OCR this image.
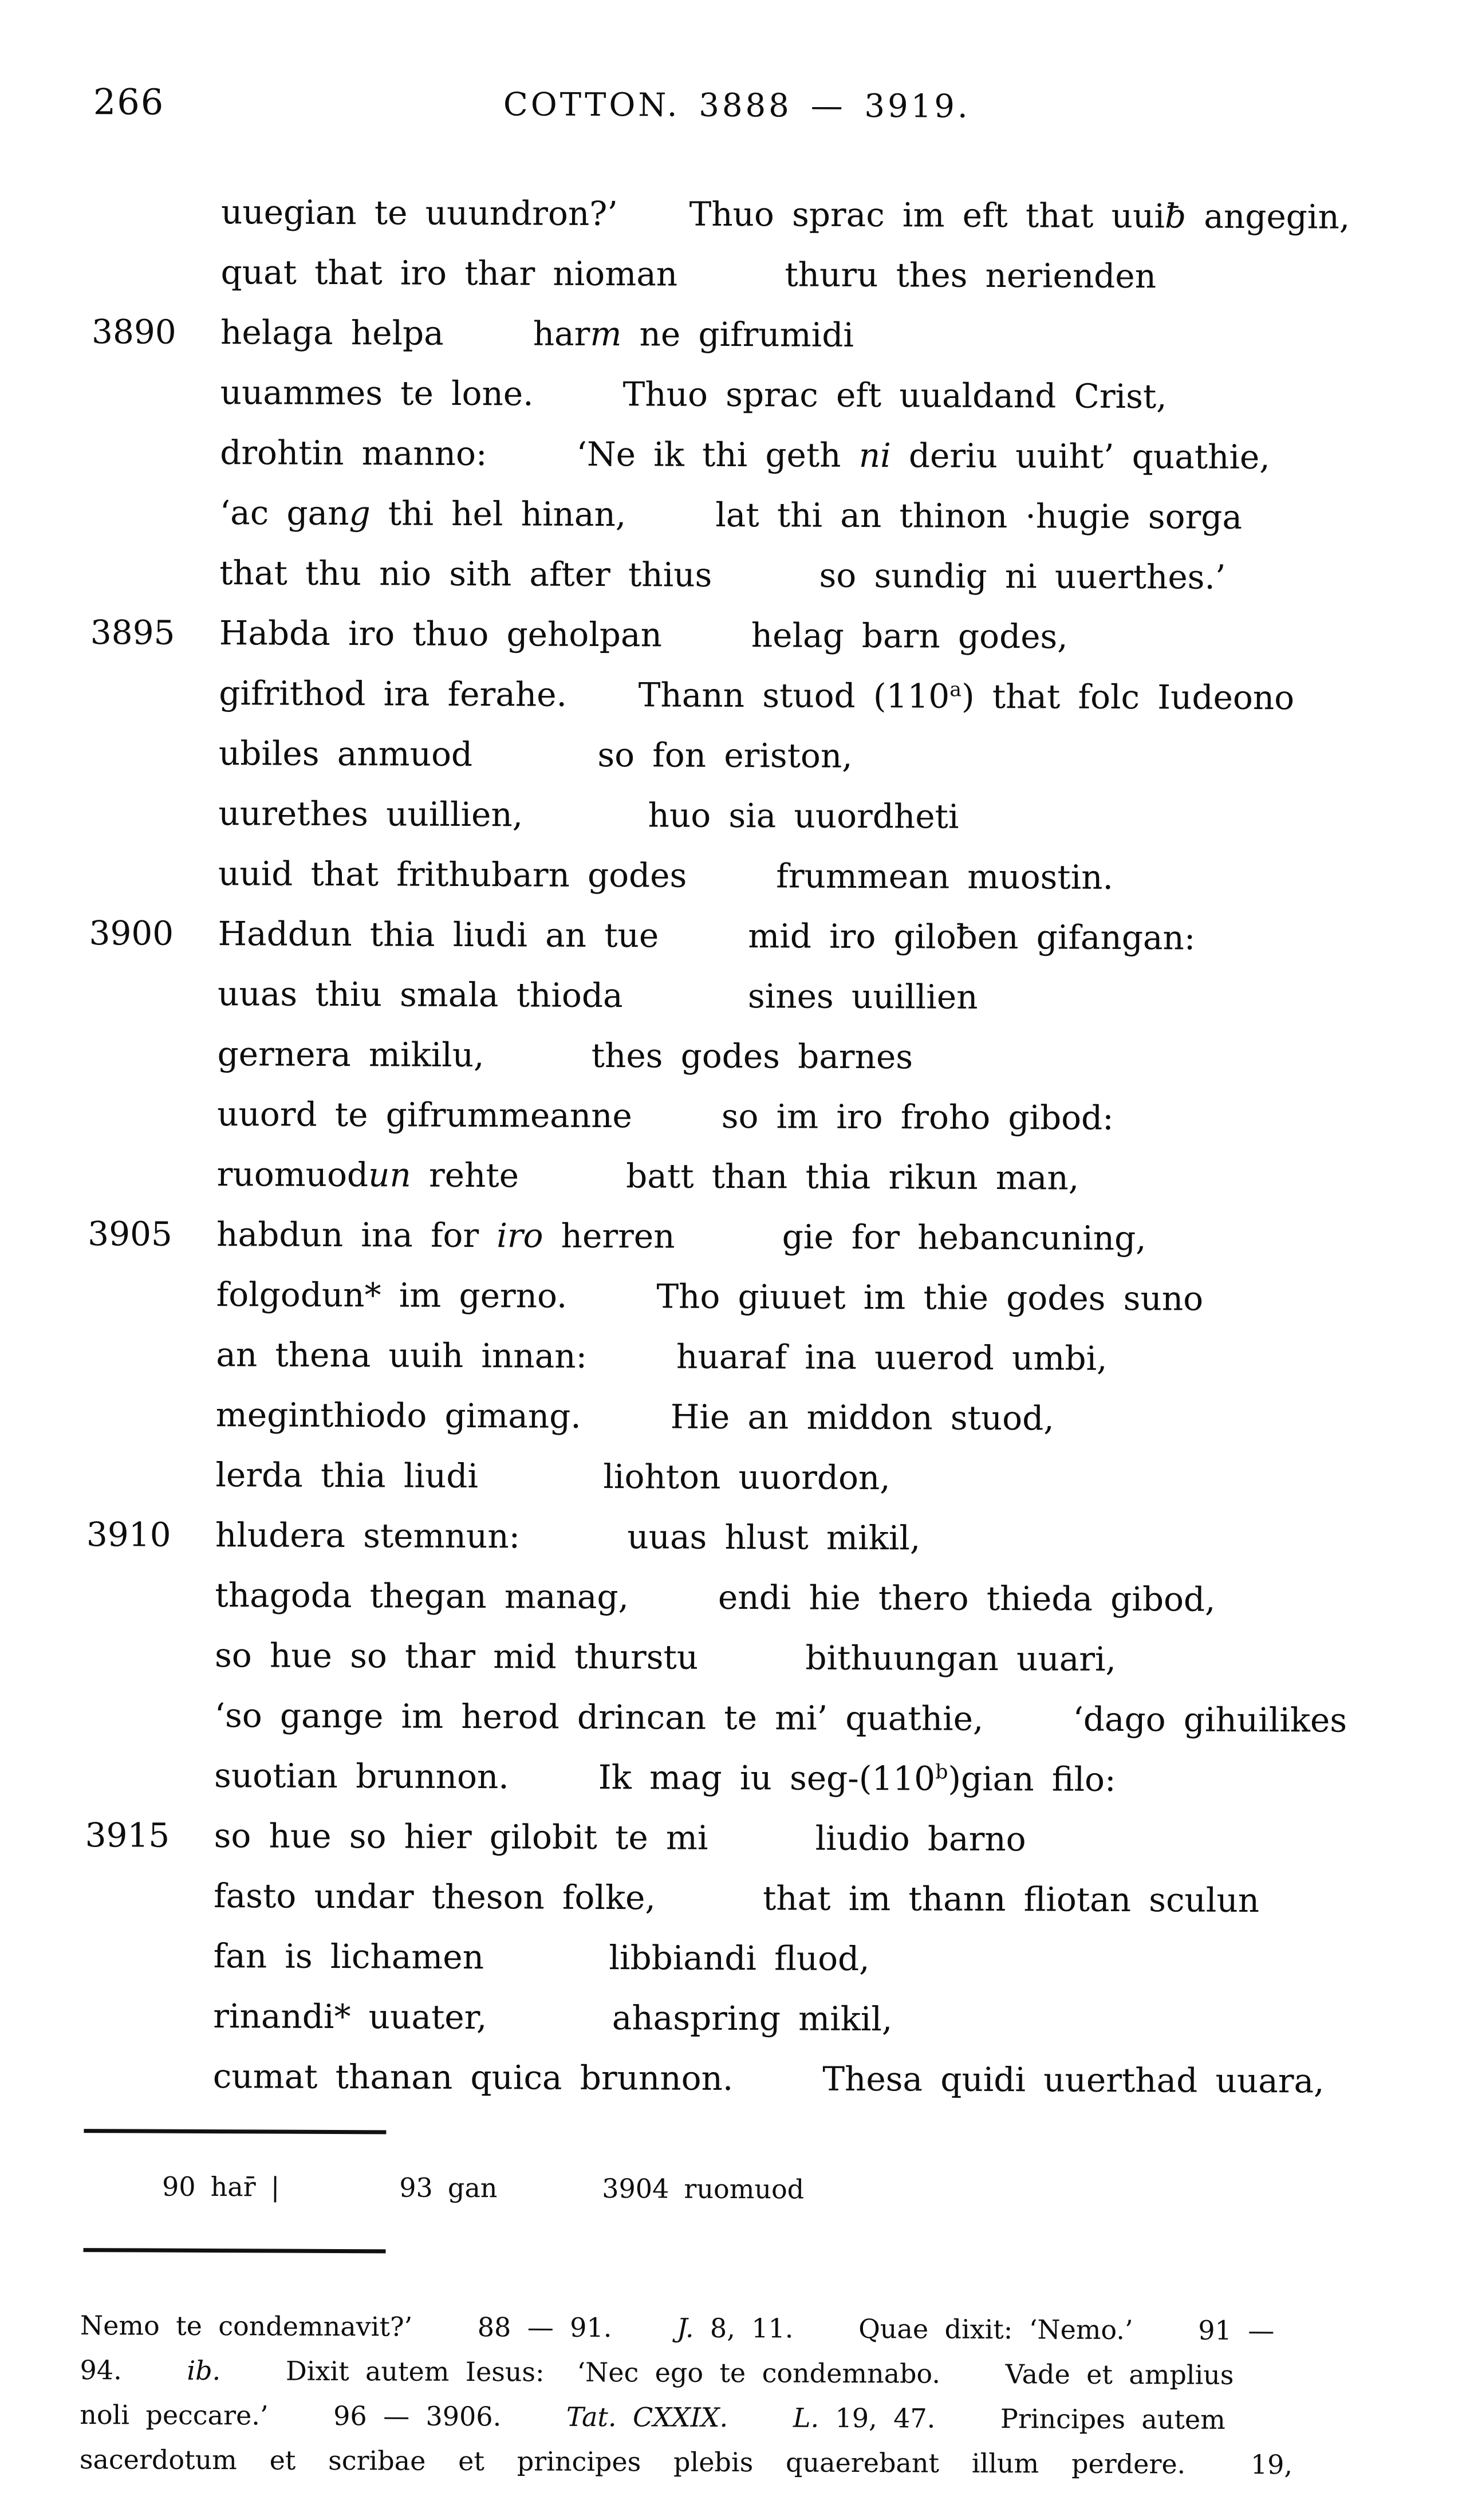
266	COTTON. 3888 — 3919.
uuegian te uuundron?’    Thuo sprac im eft that uuiƀ angegin,
quat that iro thar nioman      thuru thes nerienden
3890	helaga helpa     harm ne gifrumidi
uuammes te lone.     Thuo sprac eft uualdand Crist,
drohtin manno:     ‘Ne ik thi geth ni deriu uuiht’ quathie,
‘ac gang thi hel hinan,     lat thi an thinon ·hugie sorga
that thu nio sith after thius      so sundig ni uuerthes.’
3895	Habda iro thuo geholpan     helag barn godes,
gifrithod ira ferahe.    Thann stuod (110$^a$) that folc Iudeono
ubiles anmuod       so fon eriston,
uurethes uuillien,       huo sia uuordheti
uuid that frithubarn godes     frummean muostin.
3900	Haddun thia liudi an tue     mid iro giloƀen gifangan:
uuas thiu smala thioda       sines uuillien
gernera mikilu,      thes godes barnes
uuord te gifrummeanne     so im iro froho gibod:
ruomuodun rehte      batt than thia rikun man,
3905	habdun ina for iro herren      gie for hebancuning,
folgodun* im gerno.     Tho giuuet im thie godes suno
an thena uuih innan:     huaraf ina uuerod umbi,
meginthiodo gimang.     Hie an middon stuod,
lerda thia liudi       liohton uuordon,
3910	hludera stemnun:      uuas hlust mikil,
thagoda thegan manag,     endi hie thero thieda gibod,
so hue so thar mid thurstu      bithuungan uuari,
‘so gange im herod drincan te mi’ quathie,     ‘dago gihuilikes
suotian brunnon.     Ik mag iu seg-(110$^b$)gian filo:
3915	so hue so hier gilobit te mi      liudio barno
fasto undar theson folke,      that im thann fliotan sculun
fan is lichamen       libbiandi fluod,
rinandi* uuater,       ahaspring mikil,
cumat thanan quica brunnon.     Thesa quidi uuerthad uuara,
90 har̄ |        93 gan       3904 ruomuod
Nemo te condemnavit?’    88 — 91.    J. 8, 11.    Quae dixit: ‘Nemo.’    91 —
94.    ib.    Dixit autem Iesus:  ‘Nec ego te condemnabo.    Vade et amplius
noli peccare.’    96 — 3906.    Tat. CXXIX. L. 19, 47.    Principes autem
sacerdotum  et  scribae  et  principes  plebis  quaerebant  illum  perdere.    19,
